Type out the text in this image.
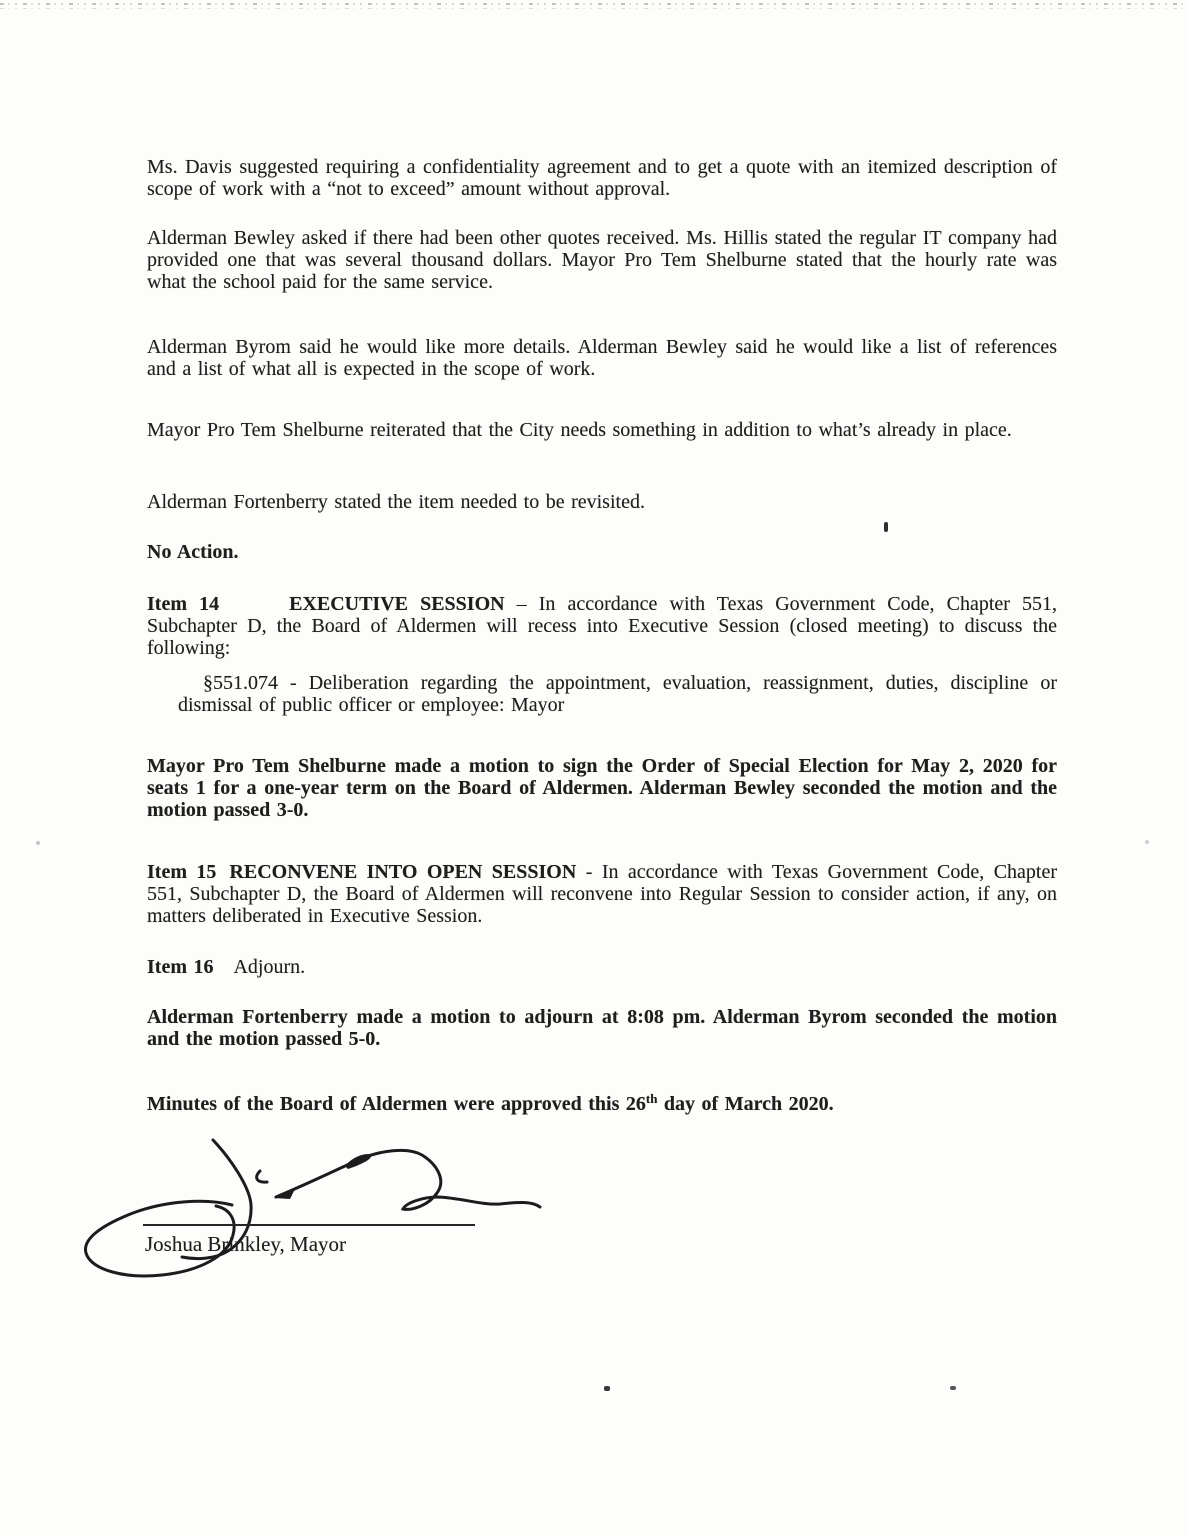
Ms. Davis suggested requiring a confidentiality agreement and to get a quote with an itemized description of scope of work with a “not to exceed” amount without approval.

Alderman Bewley asked if there had been other quotes received. Ms. Hillis stated the regular IT company had provided one that was several thousand dollars. Mayor Pro Tem Shelburne stated that the hourly rate was what the school paid for the same service.

Alderman Byrom said he would like more details. Alderman Bewley said he would like a list of references and a list of what all is expected in the scope of work.

Mayor Pro Tem Shelburne reiterated that the City needs something in addition to what’s already in place.

Alderman Fortenberry stated the item needed to be revisited.

No Action.

Item 14	EXECUTIVE SESSION – In accordance with Texas Government Code, Chapter 551, Subchapter D, the Board of Aldermen will recess into Executive Session (closed meeting) to discuss the following:

§551.074 - Deliberation regarding the appointment, evaluation, reassignment, duties, discipline or dismissal of public officer or employee: Mayor

Mayor Pro Tem Shelburne made a motion to sign the Order of Special Election for May 2, 2020 for seats 1 for a one-year term on the Board of Aldermen. Alderman Bewley seconded the motion and the motion passed 3-0.

Item 15 RECONVENE INTO OPEN SESSION - In accordance with Texas Government Code, Chapter 551, Subchapter D, the Board of Aldermen will reconvene into Regular Session to consider action, if any, on matters deliberated in Executive Session.

Item 16 Adjourn.

Alderman Fortenberry made a motion to adjourn at 8:08 pm. Alderman Byrom seconded the motion and the motion passed 5-0.

Minutes of the Board of Aldermen were approved this 26th day of March 2020.

Joshua Brinkley, Mayor
